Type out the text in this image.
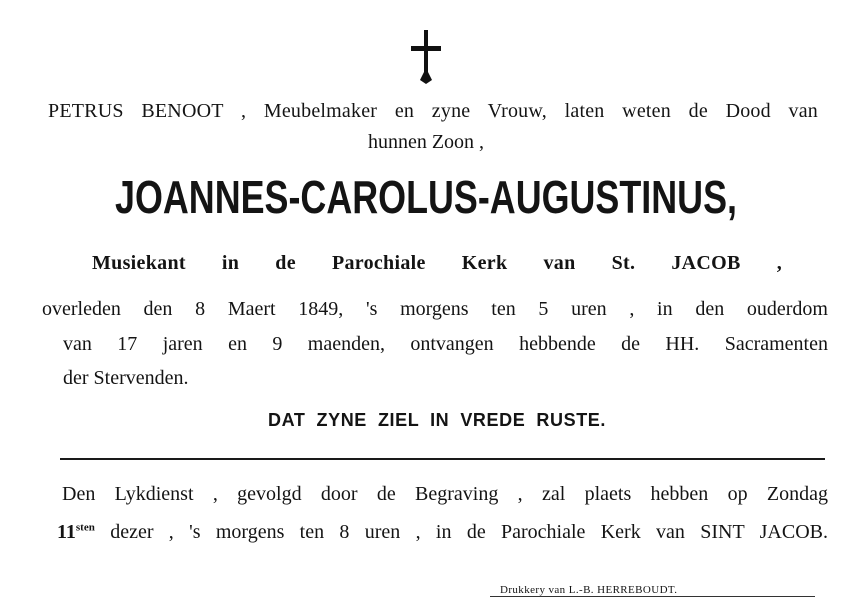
PETRUS BENOOT , Meubelmaker en zyne Vrouw, laten weten de Dood van
hunnen Zoon ,
JOANNES-CAROLUS-AUGUSTINUS,
Musiekant in de Parochiale Kerk van St. JACOB ,
overleden den 8 Maert 1849, 's morgens ten 5 uren , in den ouderdom
van 17 jaren en 9 maenden, ontvangen hebbende de HH. Sacramenten
der Stervenden.
DAT ZYNE ZIEL IN VREDE RUSTE.
Den Lykdienst , gevolgd door de Begraving , zal plaets hebben op Zondag
$11^{sten}$ dezer , 's morgens ten 8 uren , in de Parochiale Kerk van SINT JACOB.
Drukkery van L.-B. HERREBOUDT.
